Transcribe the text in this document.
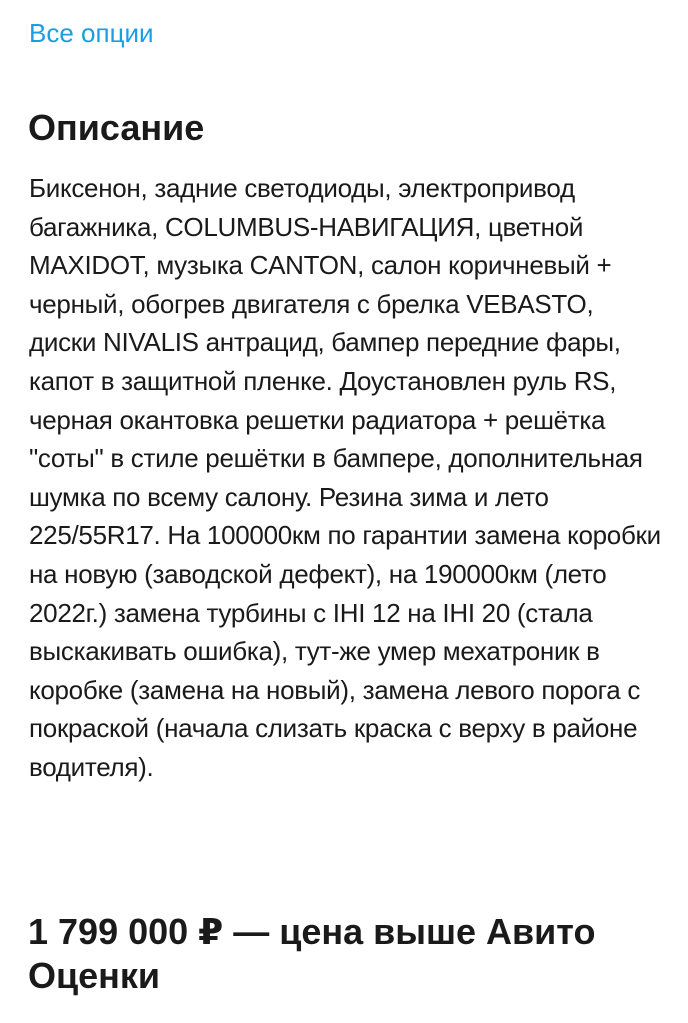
Все опции
Описание

Биксенон, задние светодиоды, электропривод багажника, COLUMBUS-НАВИГАЦИЯ, цветной MAXIDOT, музыка CANTON, салон коричневый + черный, обогрев двигателя с брелка VEBASTO, диски NIVALIS антрацид, бампер передние фары, капот в защитной пленке. Доустановлен руль RS, черная окантовка решетки радиатора + решётка "соты" в стиле решётки в бампере, дополнительная шумка по всему салону. Резина зима и лето 225/55R17. На 100000км по гарантии замена коробки на новую (заводской дефект), на 190000км (лето 2022г.) замена турбины с IHI 12 на IHI 20 (стала выскакивать ошибка), тут-же умер мехатроник в коробке (замена на новый), замена левого порога с покраской (начала слизать краска с верху в районе водителя).

1 799 000 ₽ — цена выше Авито Оценки
